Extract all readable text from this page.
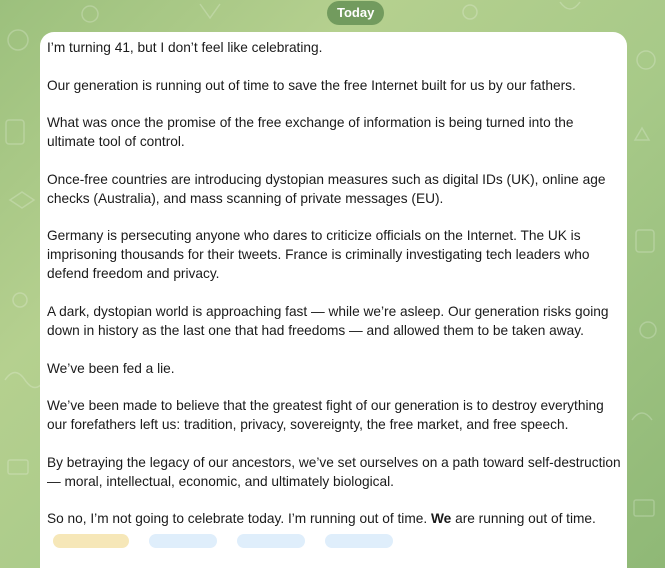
Today

I’m turning 41, but I don’t feel like celebrating.

Our generation is running out of time to save the free Internet built for us by our fathers.

What was once the promise of the free exchange of information is being turned into the ultimate tool of control.

Once-free countries are introducing dystopian measures such as digital IDs (UK), online age checks (Australia), and mass scanning of private messages (EU).

Germany is persecuting anyone who dares to criticize officials on the Internet. The UK is imprisoning thousands for their tweets. France is criminally investigating tech leaders who defend freedom and privacy.

A dark, dystopian world is approaching fast — while we’re asleep. Our generation risks going down in history as the last one that had freedoms — and allowed them to be taken away.

We’ve been fed a lie.

We’ve been made to believe that the greatest fight of our generation is to destroy everything our forefathers left us: tradition, privacy, sovereignty, the free market, and free speech.

By betraying the legacy of our ancestors, we’ve set ourselves on a path toward self-destruction — moral, intellectual, economic, and ultimately biological.

So no, I’m not going to celebrate today. I’m running out of time. We are running out of time.
